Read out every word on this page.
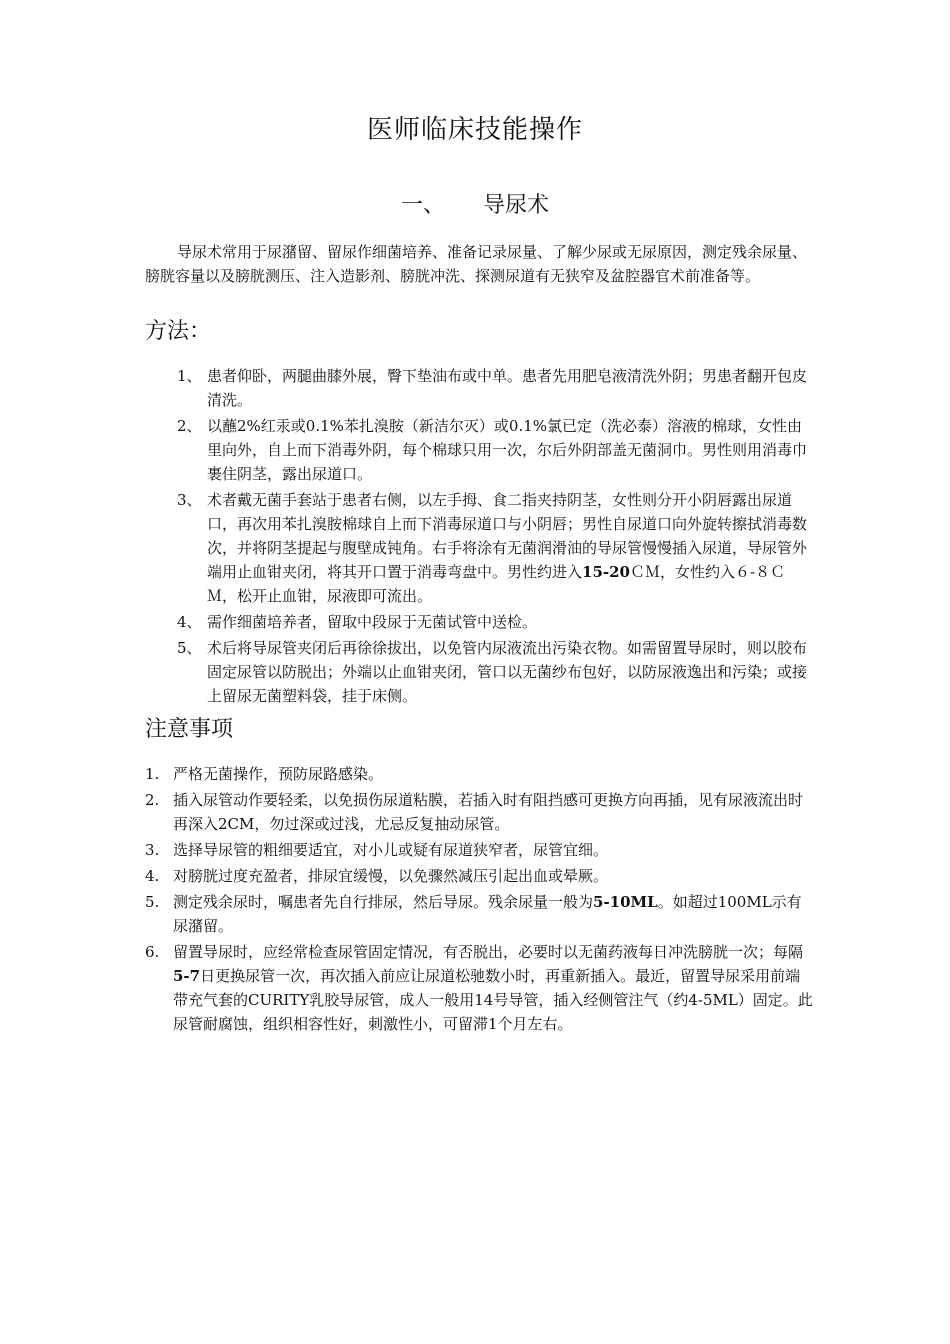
医师临床技能操作
一、 导尿术

导尿术常用于尿潴留、留尿作细菌培养、准备记录尿量、了解少尿或无尿原因，测定残余尿量、膀胱容量以及膀胱测压、注入造影剂、膀胱冲洗、探测尿道有无狭窄及盆腔器官术前准备等。

方法：
1、 患者仰卧，两腿曲膝外展，臀下垫油布或中单。患者先用肥皂液清洗外阴；男患者翻开包皮清洗。
2、 以蘸2%红汞或0.1%苯扎溴胺（新洁尔灭）或0.1%氯已定（洗必泰）溶液的棉球，女性由里向外，自上而下消毒外阴，每个棉球只用一次，尔后外阴部盖无菌洞巾。男性则用消毒巾裹住阴茎，露出尿道口。
3、 术者戴无菌手套站于患者右侧，以左手拇、食二指夹持阴茎，女性则分开小阴唇露出尿道口，再次用苯扎溴胺棉球自上而下消毒尿道口与小阴唇；男性自尿道口向外旋转擦拭消毒数次，并将阴茎提起与腹壁成钝角。右手将涂有无菌润滑油的导尿管慢慢插入尿道，导尿管外端用止血钳夹闭，将其开口置于消毒弯盘中。男性约进入15-20ＣＭ，女性约入６-８ＣＭ，松开止血钳，尿液即可流出。
4、 需作细菌培养者，留取中段尿于无菌试管中送检。
5、 术后将导尿管夹闭后再徐徐拔出，以免管内尿液流出污染衣物。如需留置导尿时，则以胶布固定尿管以防脱出；外端以止血钳夹闭，管口以无菌纱布包好，以防尿液逸出和污染；或接上留尿无菌塑料袋，挂于床侧。
注意事项
1. 严格无菌操作，预防尿路感染。
2. 插入尿管动作要轻柔，以免损伤尿道粘膜，若插入时有阻挡感可更换方向再插，见有尿液流出时再深入2CM，勿过深或过浅，尤忌反复抽动尿管。
3. 选择导尿管的粗细要适宜，对小儿或疑有尿道狭窄者，尿管宜细。
4. 对膀胱过度充盈者，排尿宜缓慢，以免骤然减压引起出血或晕厥。
5. 测定残余尿时，嘱患者先自行排尿，然后导尿。残余尿量一般为5-10ML。如超过100ML示有尿潴留。
6. 留置导尿时，应经常检查尿管固定情况，有否脱出，必要时以无菌药液每日冲洗膀胱一次；每隔5-7日更换尿管一次，再次插入前应让尿道松驰数小时，再重新插入。最近，留置导尿采用前端带充气套的CURITY乳胶导尿管，成人一般用14号导管，插入经侧管注气（约4-5ML）固定。此尿管耐腐蚀，组织相容性好，刺激性小，可留滞1个月左右。
